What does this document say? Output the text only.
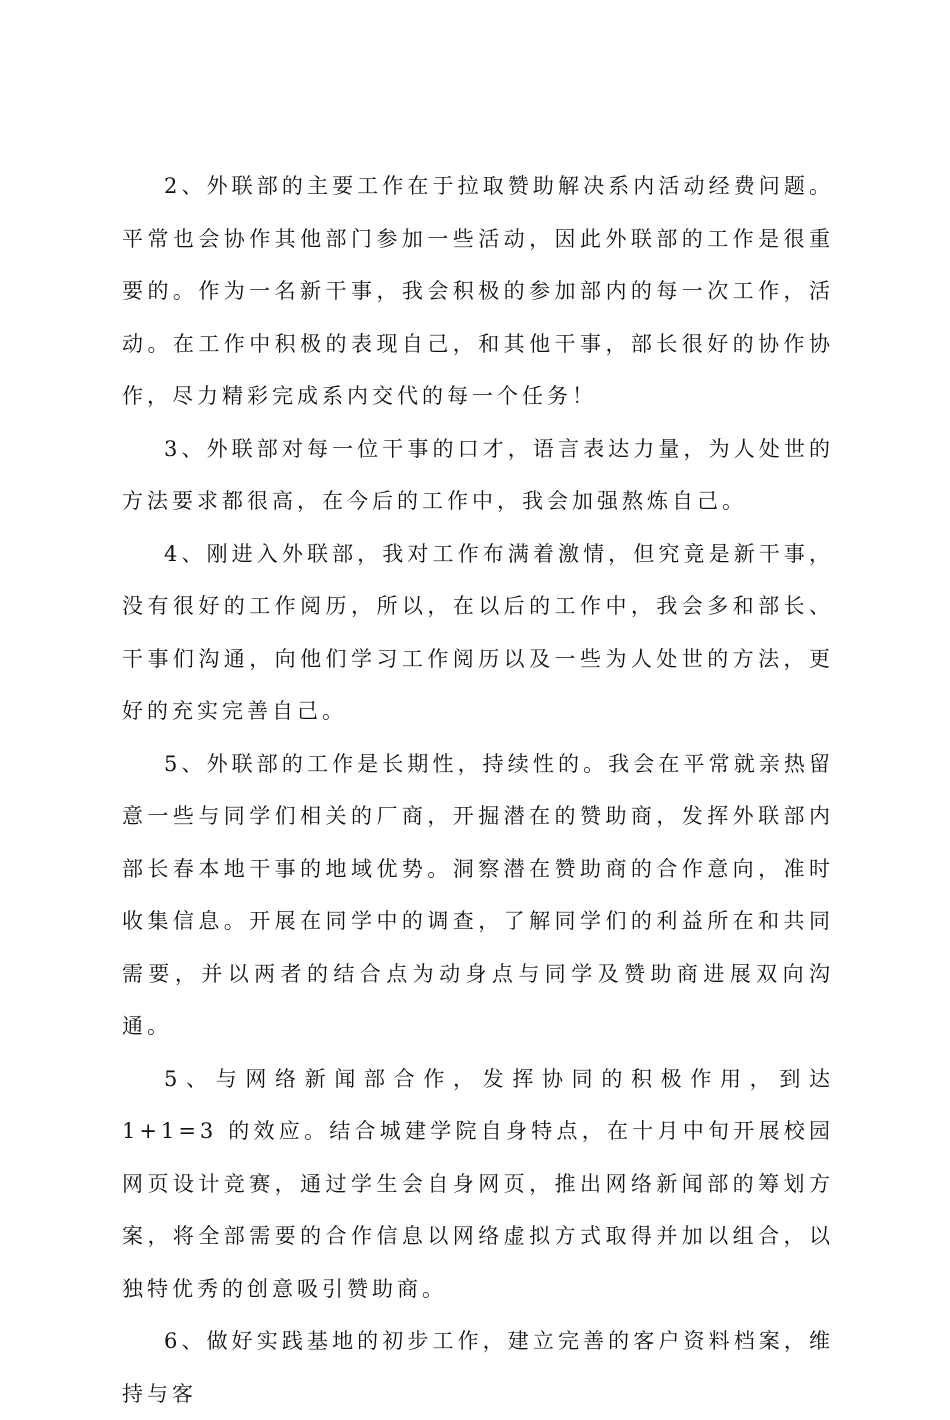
2、外联部的主要工作在于拉取赞助解决系内活动经费问题。平常也会协作其他部门参加一些活动，因此外联部的工作是很重要的。作为一名新干事，我会积极的参加部内的每一次工作，活动。在工作中积极的表现自己，和其他干事，部长很好的协作协作，尽力精彩完成系内交代的每一个任务！

3、外联部对每一位干事的口才，语言表达力量，为人处世的方法要求都很高，在今后的工作中，我会加强熬炼自己。

4、刚进入外联部，我对工作布满着激情，但究竟是新干事，没有很好的工作阅历，所以，在以后的工作中，我会多和部长、干事们沟通，向他们学习工作阅历以及一些为人处世的方法，更好的充实完善自己。

5、外联部的工作是长期性，持续性的。我会在平常就亲热留意一些与同学们相关的厂商，开掘潜在的赞助商，发挥外联部内部长春本地干事的地域优势。洞察潜在赞助商的合作意向，准时收集信息。开展在同学中的调查，了解同学们的利益所在和共同需要，并以两者的结合点为动身点与同学及赞助商进展双向沟通。

5、与网络新闻部合作，发挥协同的积极作用，到达 1+1=3 的效应。结合城建学院自身特点，在十月中旬开展校园网页设计竞赛，通过学生会自身网页，推出网络新闻部的筹划方案，将全部需要的合作信息以网络虚拟方式取得并加以组合，以独特优秀的创意吸引赞助商。

6、做好实践基地的初步工作，建立完善的客户资料档案，维持与客
